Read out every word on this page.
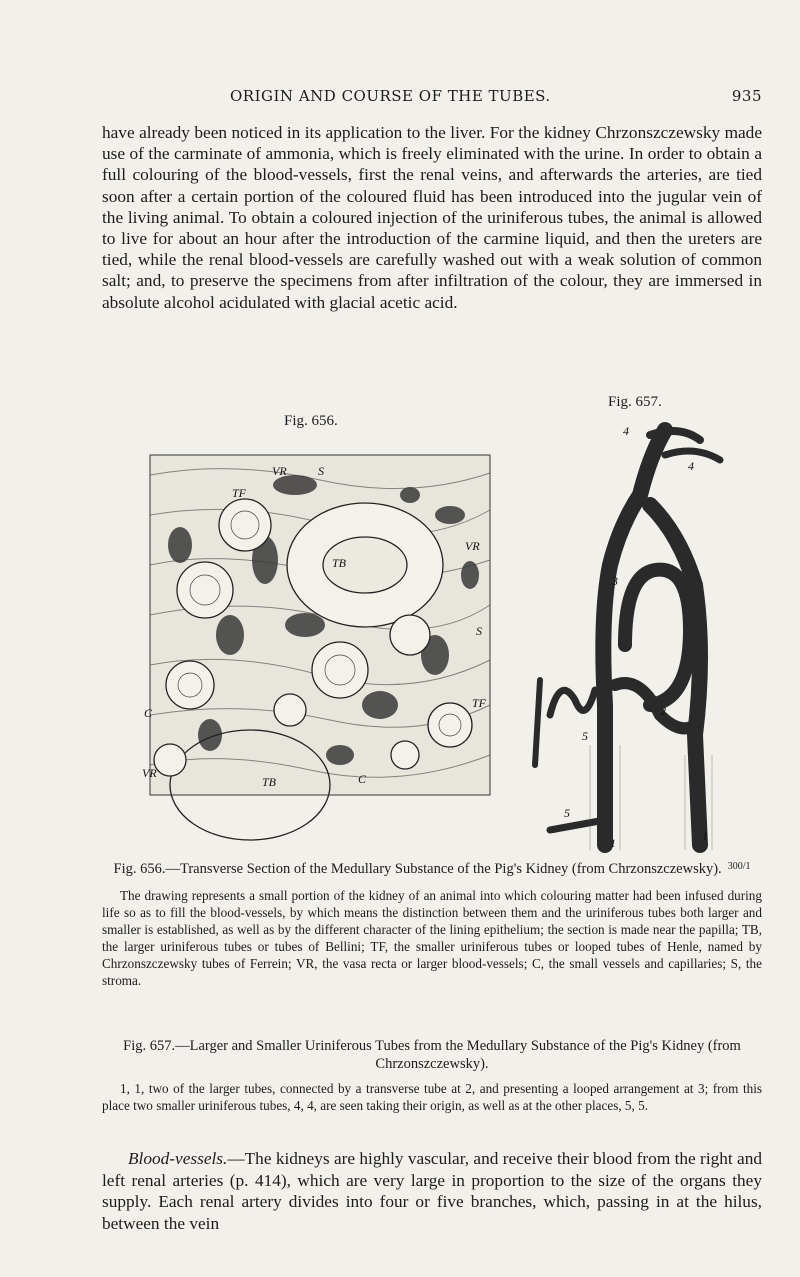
ORIGIN AND COURSE OF THE TUBES.	935

have already been noticed in its application to the liver. For the kidney Chrzonszczewsky made use of the carminate of ammonia, which is freely eliminated with the urine. In order to obtain a full colouring of the blood-vessels, first the renal veins, and afterwards the arteries, are tied soon after a certain portion of the coloured fluid has been introduced into the jugular vein of the living animal. To obtain a coloured injection of the uriniferous tubes, the animal is allowed to live for about an hour after the introduction of the carmine liquid, and then the ureters are tied, while the renal blood-vessels are carefully washed out with a weak solution of common salt; and, to preserve the specimens from after infiltration of the colour, they are immersed in absolute alcohol acidulated with glacial acetic acid.

Fig. 656.
VR	S
TF
VR
TB
S
TF
C
VR
TB	C
Fig. 657.
4
4
3
2
5
5
1	1
Fig. 656.—Transverse Section of the Medullary Substance of the Pig's Kidney (from Chrzonszczewsky). $^{300/1}$
The drawing represents a small portion of the kidney of an animal into which colouring matter had been infused during life so as to fill the blood-vessels, by which means the distinction between them and the uriniferous tubes both larger and smaller is established, as well as by the different character of the lining epithelium; the section is made near the papilla; TB, the larger uriniferous tubes or tubes of Bellini; TF, the smaller uriniferous tubes or looped tubes of Henle, named by Chrzonszczewsky tubes of Ferrein; VR, the vasa recta or larger blood-vessels; C, the small vessels and capillaries; S, the stroma.
Fig. 657.—Larger and Smaller Uriniferous Tubes from the Medullary Substance of the Pig's Kidney (from Chrzonszczewsky).
1, 1, two of the larger tubes, connected by a transverse tube at 2, and presenting a looped arrangement at 3; from this place two smaller uriniferous tubes, 4, 4, are seen taking their origin, as well as at the other places, 5, 5.
Blood-vessels.—The kidneys are highly vascular, and receive their blood from the right and left renal arteries (p. 414), which are very large in proportion to the size of the organs they supply. Each renal artery divides into four or five branches, which, passing in at the hilus, between the vein
